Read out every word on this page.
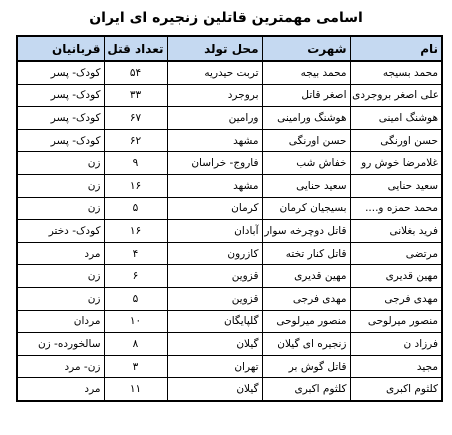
اسامی مهمترین قاتلین زنجیره ای ایران
نام	شهرت	محل تولد	تعداد قتل	قربانیان
محمد بسیجه	محمد بیجه	تربت حیدریه	۵۴	کودک- پسر
علی اصغر بروجردی	اصغر قاتل	بروجرد	۳۳	کودک- پسر
هوشنگ امینی	هوشنگ ورامینی	ورامین	۶۷	کودک- پسر
حسن اورنگی	حسن اورنگی	مشهد	۶۲	کودک- پسر
غلامرضا خوش رو	خفاش شب	فاروج- خراسان	۹	زن
سعید حنایی	سعید حنایی	مشهد	۱۶	زن
محمد حمزه و....	بسیجیان کرمان	کرمان	۵	زن
فرید بغلانی	قاتل دوچرخه سوار	آبادان	۱۶	کودک- دختر
مرتضی	قاتل کنار تخته	کازرون	۴	مرد
مهین قدیری	مهین قدیری	قزوین	۶	زن
مهدی فرجی	مهدی فرجی	قزوین	۵	زن
منصور میرلوحی	منصور میرلوحی	گلپایگان	۱۰	مردان
فرزاد ن	زنجیره ای گیلان	گیلان	۸	سالخورده- زن
مجید	قاتل گوش بر	تهران	۳	زن- مرد
کلثوم اکبری	کلثوم اکبری	گیلان	۱۱	مرد
